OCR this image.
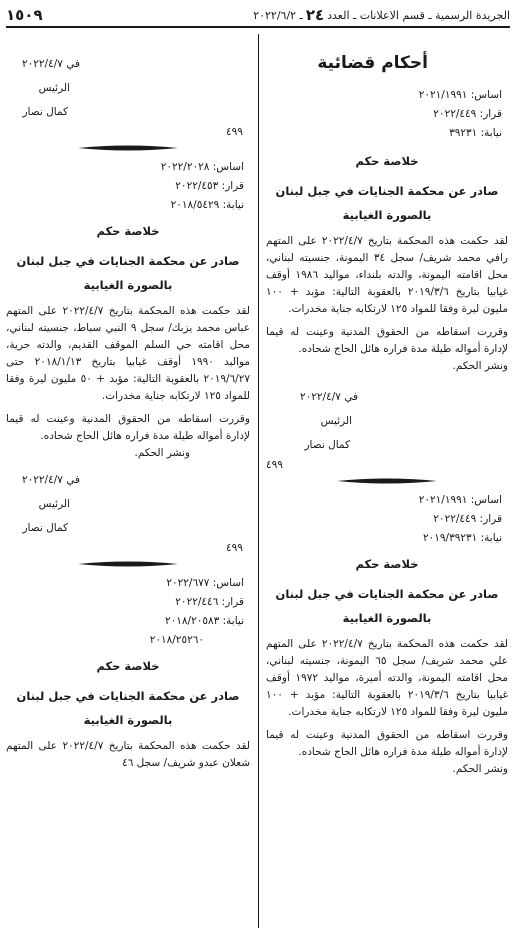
الجريدة الرسمية ـ قسم الاعلانات ـ العدد
٢٤
ـ ٢٠٢٢/٦/٢
١٥٠٩
أحكام قضائية

اساس: ٢٠٢١/١٩٩١

قرار: ٢٠٢٢/٤٤٩

نيابة: ٣٩٢٣١

خلاصة حكم
صادر عن محكمة الجنايات في جبل لبنان
بالصورة الغيابية

لقد حكمت هذه المحكمة بتاريخ ٢٠٢٢/٤/٧ على المتهم رافي محمد شريف/ سجل ٣٤ اليمونة، جنسيته لبناني، محل اقامته اليمونة، والدته بلنداء، مواليد ١٩٨٦ أوقف غيابيا بتاريخ ٢٠١٩/٣/٦ بالعقوبة التالية: مؤبد + ١٠٠ مليون ليرة وفقا للمواد ١٢٥ لارتكابه جناية مخدرات.

وقررت اسقاطه من الحقوق المدنية وعينت له قيما لإدارة أمواله طيلة مدة فراره هائل الحاج شحاده.

ونشر الحكم.

في ٢٠٢٢/٤/٧

الرئيس

كمال نصار

٤٩٩

اساس: ٢٠٢١/١٩٩١

قرار: ٢٠٢٢/٤٤٩

نيابة: ٢٠١٩/٣٩٢٣١

خلاصة حكم
صادر عن محكمة الجنايات في جبل لبنان
بالصورة الغيابية

لقد حكمت هذه المحكمة بتاريخ ٢٠٢٢/٤/٧ على المتهم علي محمد شريف/ سجل ٦٥ اليمونة، جنسيته لبناني، محل اقامته اليمونة، والدته أميرة، مواليد ١٩٧٢ أوقف غيابيا بتاريخ ٢٠١٩/٣/٦ بالعقوبة التالية: مؤبد + ١٠٠ مليون ليرة وفقا للمواد ١٢٥ لارتكابه جناية مخدرات.

وقررت اسقاطه من الحقوق المدنية وعينت له قيما لإدارة أمواله طيلة مدة فراره هائل الحاج شحاده.

ونشر الحكم.

في ٢٠٢٢/٤/٧

الرئيس

كمال نصار

٤٩٩

اساس: ٢٠٢٢/٢٠٢٨

قرار: ٢٠٢٢/٤٥٣

نيابة: ٢٠١٨/٥٤٢٩

خلاصة حكم
صادر عن محكمة الجنايات في جبل لبنان
بالصورة الغيابية

لقد حكمت هذه المحكمة بتاريخ ٢٠٢٢/٤/٧ على المتهم عباس محمد يزبك/ سجل ٩ النبي سباط، جنسيته لبناني، محل اقامته حي السلم الموقف القديم، والدته حرية، مواليد ١٩٩٠ أوقف غيابيا بتاريخ ٢٠١٨/١/١٣ حتى ٢٠١٩/٦/٢٧ بالعقوبة التالية: مؤبد + ٥٠ مليون ليرة وفقا للمواد ١٢٥ لارتكابه جناية مخدرات.

وقررت اسقاطه من الحقوق المدنية وعينت له قيما لإدارة أمواله طيلة مدة فراره هائل الحاج شحاده.

ونشر الحكم.

في ٢٠٢٢/٤/٧

الرئيس

كمال نصار

٤٩٩

اساس: ٢٠٢٢/٦٧٧

قرار: ٢٠٢٢/٤٤٦

نيابة: ٢٠١٨/٢٠٥٨٣

٢٠١٨/٢٥٢٦٠

خلاصة حكم
صادر عن محكمة الجنايات في جبل لبنان
بالصورة الغيابية

لقد حكمت هذه المحكمة بتاريخ ٢٠٢٢/٤/٧ على المتهم شعلان عبدو شريف/ سجل ٤٦
